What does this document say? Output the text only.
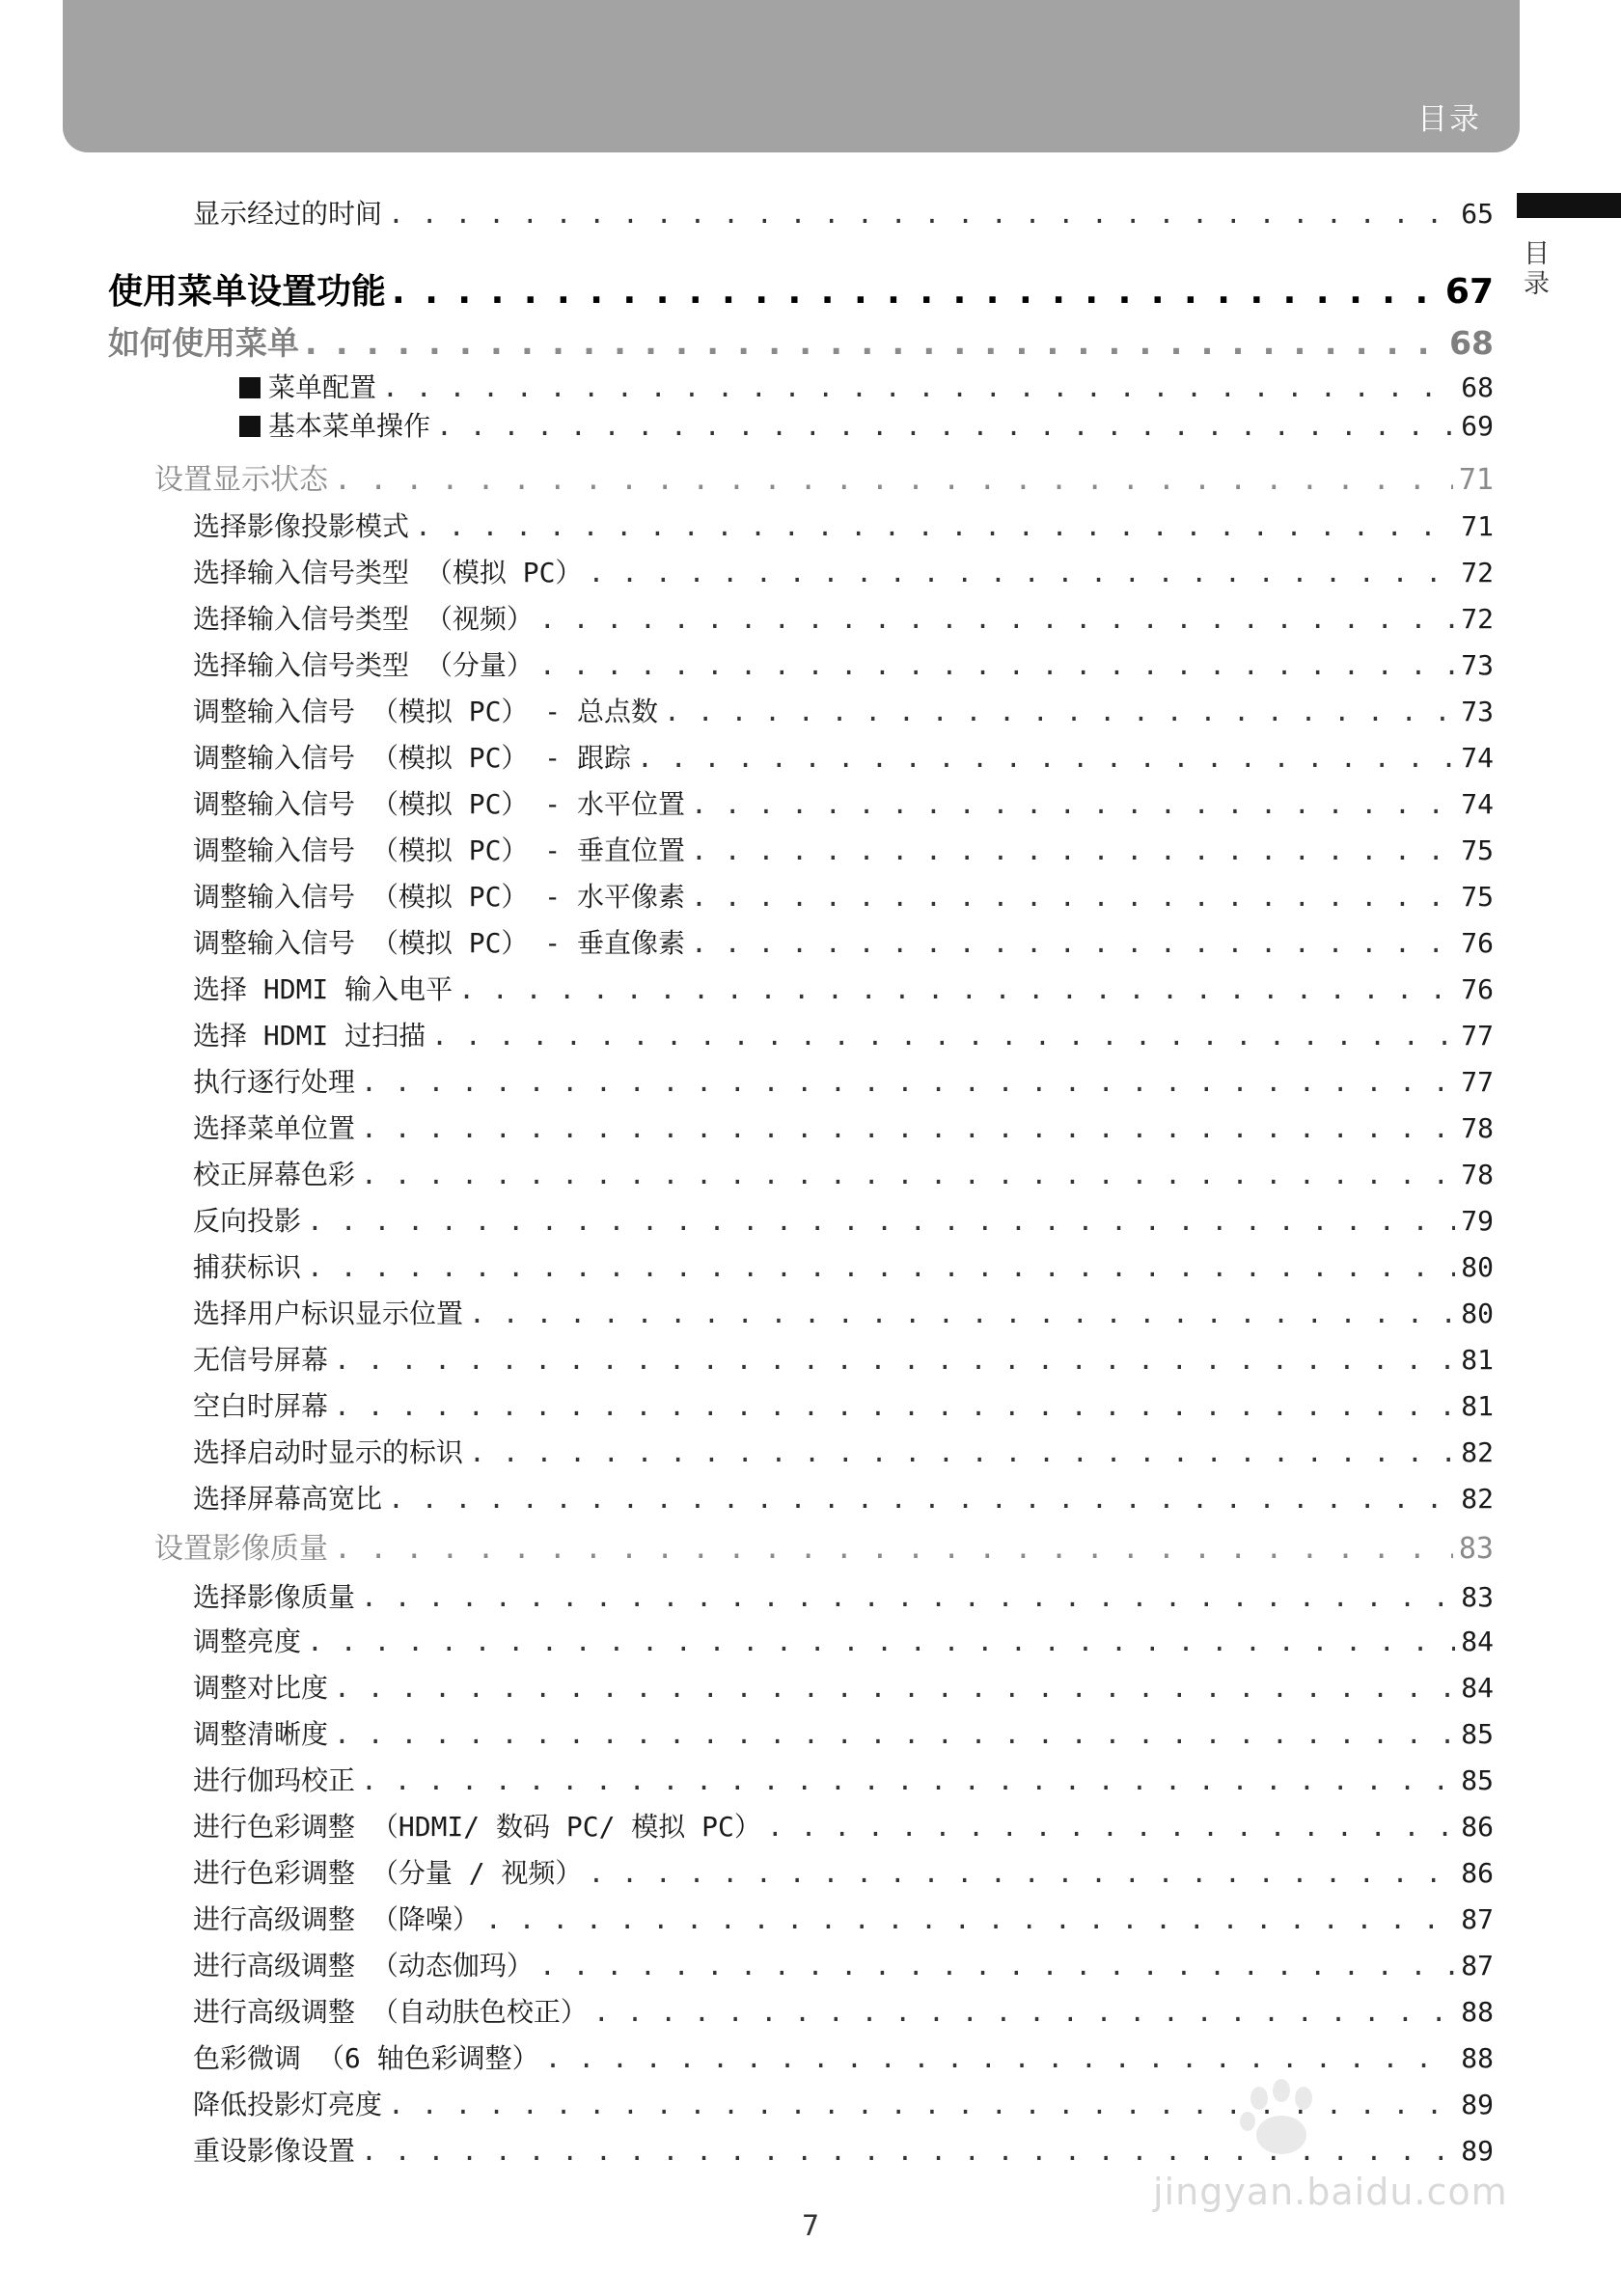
目录
目录
显示经过的时间 . . .	65
使用菜单设置功能 . . .	67
如何使用菜单 . . .	68
菜单配置 . . .	68
基本菜单操作 . . .	69
设置显示状态 . . .	71
选择影像投影模式 . . .	71
选择输入信号类型 （模拟 PC） . . .	72
选择输入信号类型 （视频） . . .	72
选择输入信号类型 （分量） . . .	73
调整输入信号 （模拟 PC） - 总点数 . . .	73
调整输入信号 （模拟 PC） - 跟踪 . . .	74
调整输入信号 （模拟 PC） - 水平位置 . . .	74
调整输入信号 （模拟 PC） - 垂直位置 . . .	75
调整输入信号 （模拟 PC） - 水平像素 . . .	75
调整输入信号 （模拟 PC） - 垂直像素 . . .	76
选择 HDMI 输入电平 . . .	76
选择 HDMI 过扫描 . . .	77
执行逐行处理 . . .	77
选择菜单位置 . . .	78
校正屏幕色彩 . . .	78
反向投影 . . .	79
捕获标识 . . .	80
选择用户标识显示位置 . . .	80
无信号屏幕 . . .	81
空白时屏幕 . . .	81
选择启动时显示的标识 . . .	82
选择屏幕高宽比 . . .	82
设置影像质量 . . .	83
选择影像质量 . . .	83
调整亮度 . . .	84
调整对比度 . . .	84
调整清晰度 . . .	85
进行伽玛校正 . . .	85
进行色彩调整 （HDMI/ 数码 PC/ 模拟 PC） . . .	86
进行色彩调整 （分量 / 视频） . . .	86
进行高级调整 （降噪） . . .	87
进行高级调整 （动态伽玛） . . .	87
进行高级调整 （自动肤色校正） . . .	88
色彩微调 （6 轴色彩调整） . . .	88
降低投影灯亮度 . . .	89
重设影像设置 . . .	89
7
jingyan.baidu.com
